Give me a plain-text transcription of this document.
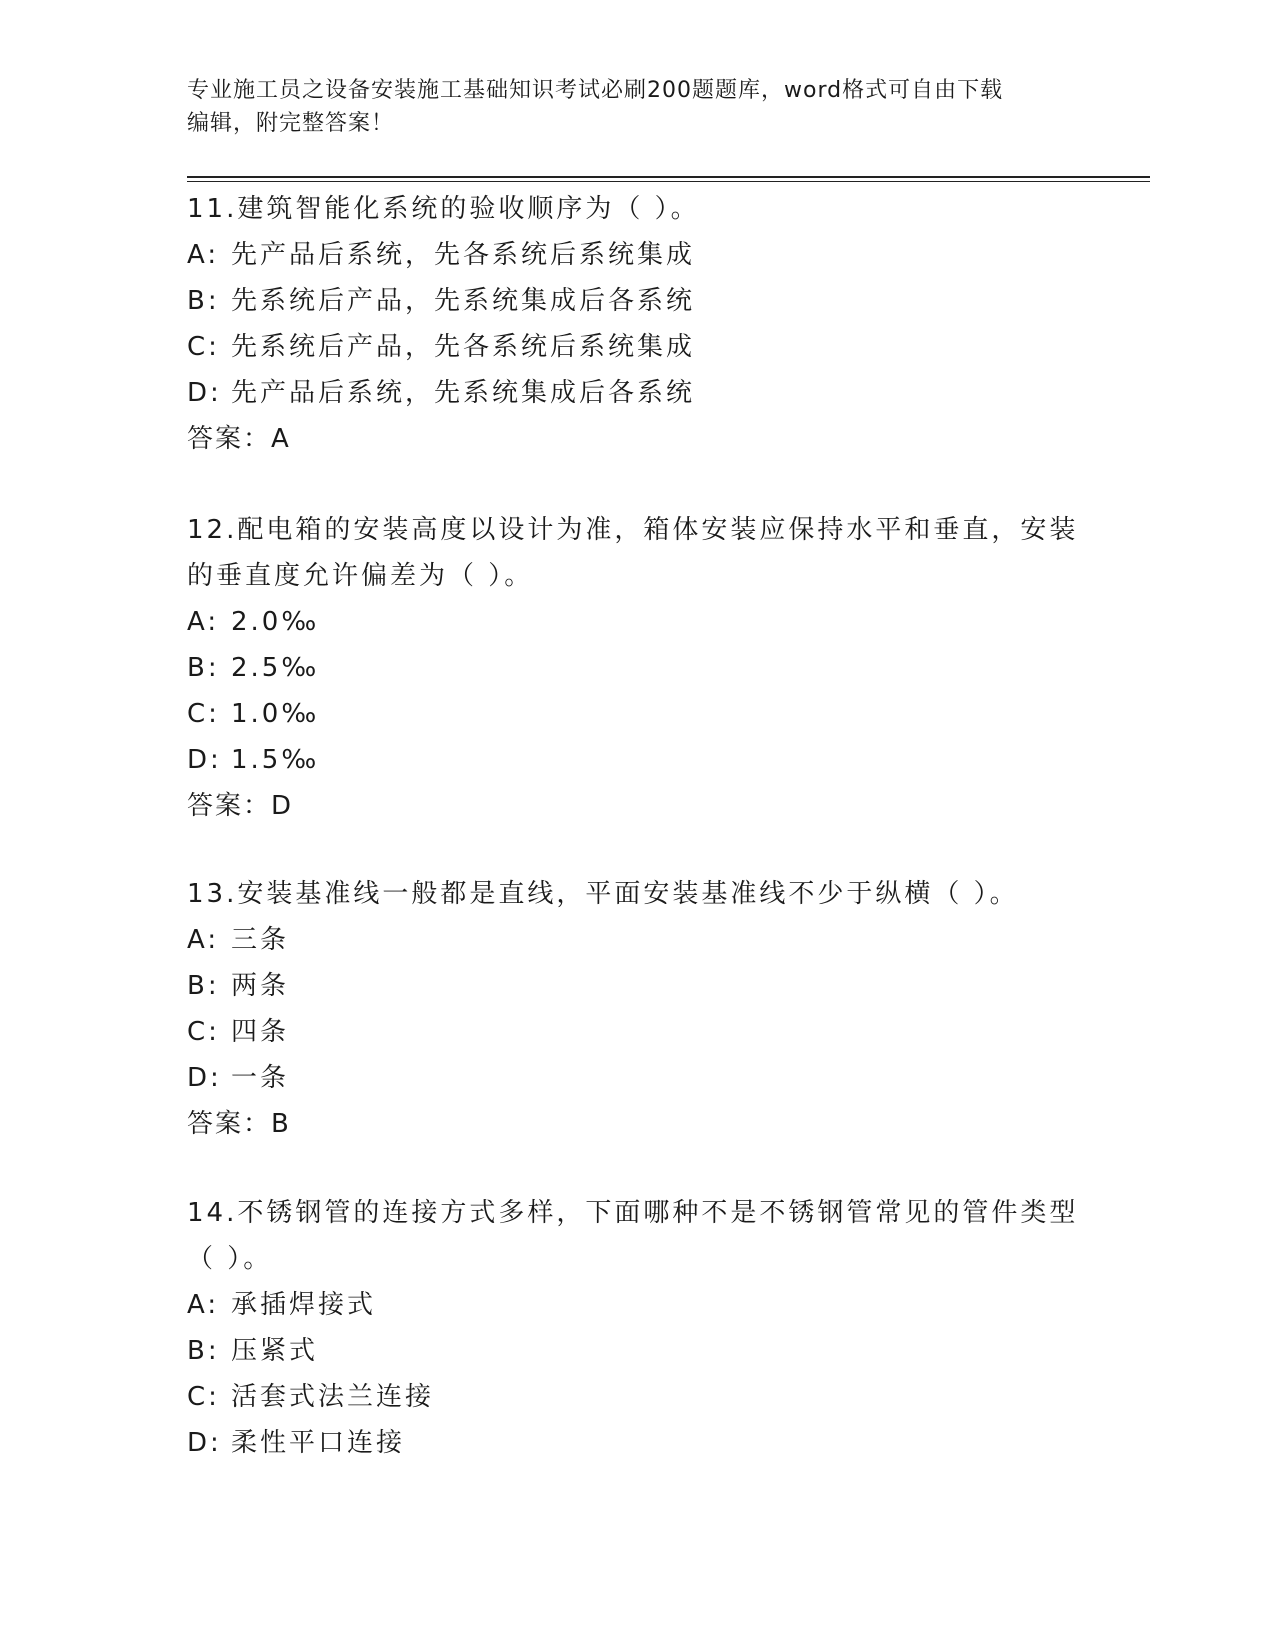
专业施工员之设备安装施工基础知识考试必刷200题题库，word格式可自由下载
编辑，附完整答案！
11.建筑智能化系统的验收顺序为（ ）。
A: 先产品后系统，先各系统后系统集成
B: 先系统后产品，先系统集成后各系统
C: 先系统后产品，先各系统后系统集成
D: 先产品后系统，先系统集成后各系统
答案：A
12.配电箱的安装高度以设计为准，箱体安装应保持水平和垂直，安装
的垂直度允许偏差为（ ）。
A: 2.0‰
B: 2.5‰
C: 1.0‰
D: 1.5‰
答案：D
13.安装基准线一般都是直线，平面安装基准线不少于纵横（ ）。
A: 三条
B: 两条
C: 四条
D: 一条
答案：B
14.不锈钢管的连接方式多样，下面哪种不是不锈钢管常见的管件类型
（ ）。
A: 承插焊接式
B: 压紧式
C: 活套式法兰连接
D: 柔性平口连接
